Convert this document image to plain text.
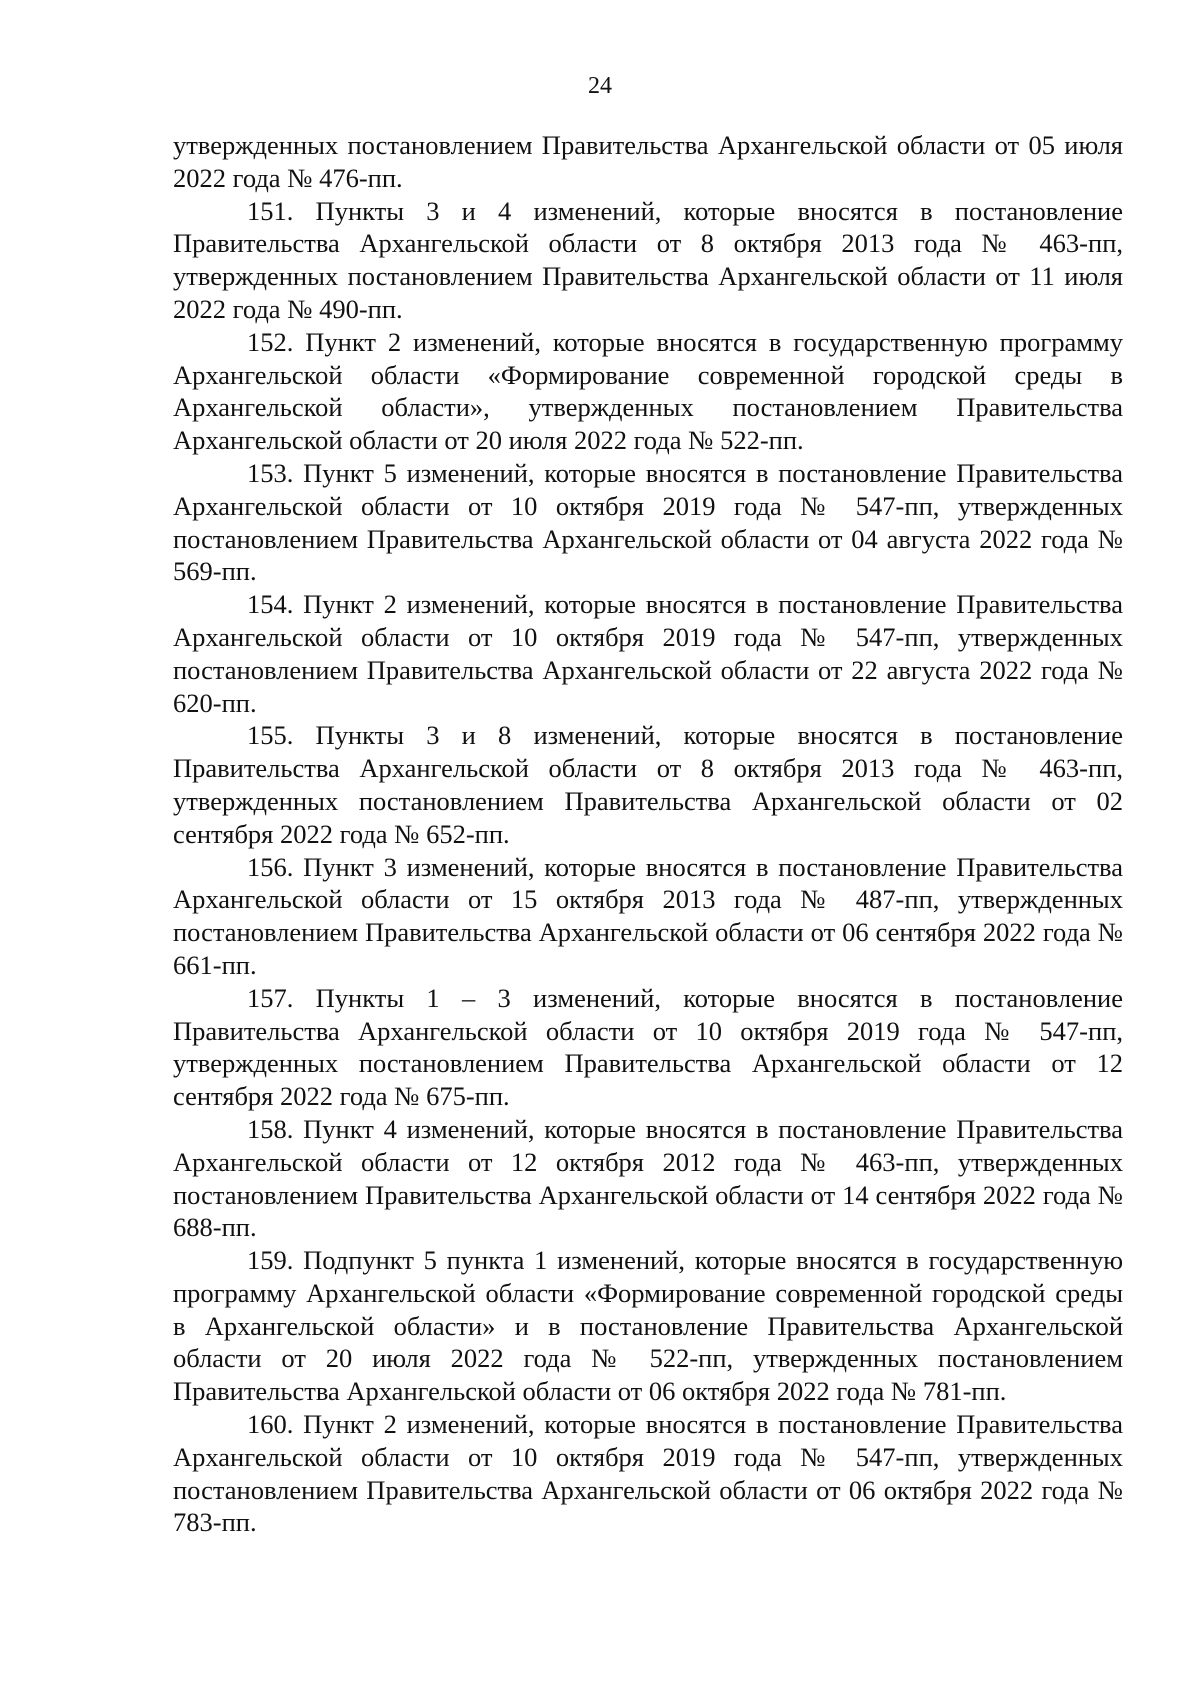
24

утвержденных постановлением Правительства Архангельской области от 05 июля 2022 года № 476-пп.

151. Пункты 3 и 4 изменений, которые вносятся в постановление Правительства Архангельской области от 8 октября 2013 года № 463-пп, утвержденных постановлением Правительства Архангельской области от 11 июля 2022 года № 490-пп.

152. Пункт 2 изменений, которые вносятся в государственную программу Архангельской области «Формирование современной городской среды в Архангельской области», утвержденных постановлением Правительства Архангельской области от 20 июля 2022 года № 522-пп.

153. Пункт 5 изменений, которые вносятся в постановление Правительства Архангельской области от 10 октября 2019 года № 547-пп, утвержденных постановлением Правительства Архангельской области от 04 августа 2022 года № 569-пп.

154. Пункт 2 изменений, которые вносятся в постановление Правительства Архангельской области от 10 октября 2019 года № 547-пп, утвержденных постановлением Правительства Архангельской области от 22 августа 2022 года № 620-пп.

155. Пункты 3 и 8 изменений, которые вносятся в постановление Правительства Архангельской области от 8 октября 2013 года № 463-пп, утвержденных постановлением Правительства Архангельской области от 02 сентября 2022 года № 652-пп.

156. Пункт 3 изменений, которые вносятся в постановление Правительства Архангельской области от 15 октября 2013 года № 487-пп, утвержденных постановлением Правительства Архангельской области от 06 сентября 2022 года № 661-пп.

157. Пункты 1 – 3 изменений, которые вносятся в постановление Правительства Архангельской области от 10 октября 2019 года № 547-пп, утвержденных постановлением Правительства Архангельской области от 12 сентября 2022 года № 675-пп.

158. Пункт 4 изменений, которые вносятся в постановление Правительства Архангельской области от 12 октября 2012 года № 463-пп, утвержденных постановлением Правительства Архангельской области от 14 сентября 2022 года № 688-пп.

159. Подпункт 5 пункта 1 изменений, которые вносятся в государственную программу Архангельской области «Формирование современной городской среды в Архангельской области» и в постановление Правительства Архангельской области от 20 июля 2022 года № 522-пп, утвержденных постановлением Правительства Архангельской области от 06 октября 2022 года № 781-пп.

160. Пункт 2 изменений, которые вносятся в постановление Правительства Архангельской области от 10 октября 2019 года № 547-пп, утвержденных постановлением Правительства Архангельской области от 06 октября 2022 года № 783-пп.
